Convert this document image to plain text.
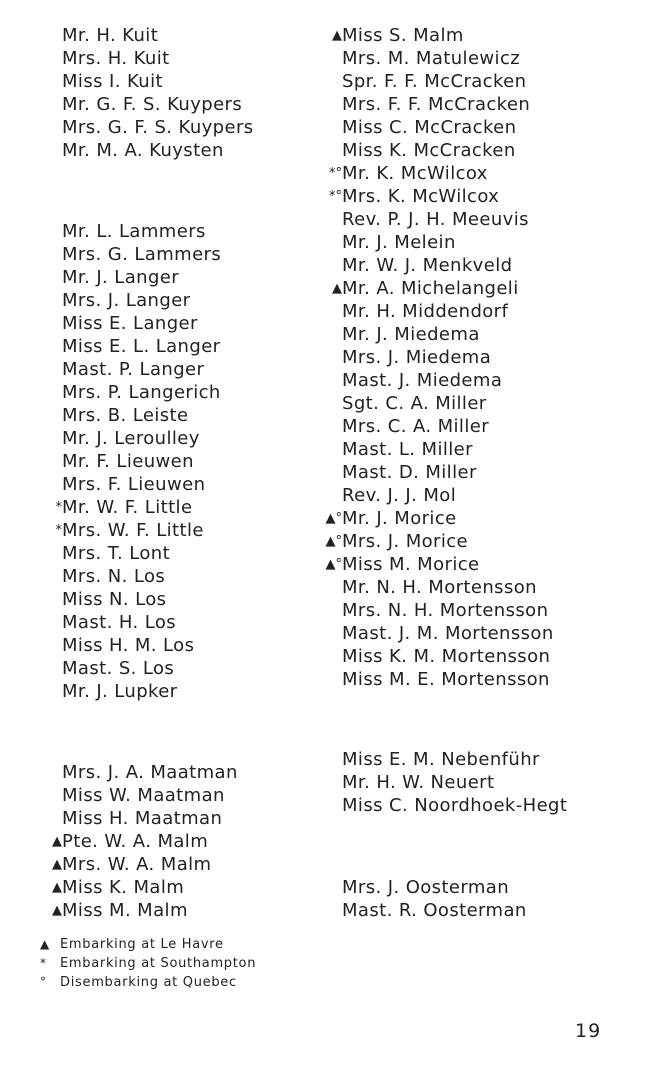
Mr. H. Kuit
Mrs. H. Kuit
Miss I. Kuit
Mr. G. F. S. Kuypers
Mrs. G. F. S. Kuypers
Mr. M. A. Kuysten
Mr. L. Lammers
Mrs. G. Lammers
Mr. J. Langer
Mrs. J. Langer
Miss E. Langer
Miss E. L. Langer
Mast. P. Langer
Mrs. P. Langerich
Mrs. B. Leiste
Mr. J. Leroulley
Mr. F. Lieuwen
Mrs. F. Lieuwen
* Mr. W. F. Little
* Mrs. W. F. Little
Mrs. T. Lont
Mrs. N. Los
Miss N. Los
Mast. H. Los
Miss H. M. Los
Mast. S. Los
Mr. J. Lupker
Mrs. J. A. Maatman
Miss W. Maatman
Miss H. Maatman
▲ Pte. W. A. Malm
▲ Mrs. W. A. Malm
▲ Miss K. Malm
▲ Miss M. Malm
▲ Miss S. Malm
Mrs. M. Matulewicz
Spr. F. F. McCracken
Mrs. F. F. McCracken
Miss C. McCracken
Miss K. McCracken
*° Mr. K. McWilcox
*° Mrs. K. McWilcox
Rev. P. J. H. Meeuvis
Mr. J. Melein
Mr. W. J. Menkveld
▲ Mr. A. Michelangeli
Mr. H. Middendorf
Mr. J. Miedema
Mrs. J. Miedema
Mast. J. Miedema
Sgt. C. A. Miller
Mrs. C. A. Miller
Mast. L. Miller
Mast. D. Miller
Rev. J. J. Mol
▲° Mr. J. Morice
▲° Mrs. J. Morice
▲° Miss M. Morice
Mr. N. H. Mortensson
Mrs. N. H. Mortensson
Mast. J. M. Mortensson
Miss K. M. Mortensson
Miss M. E. Mortensson
Miss E. M. Nebenführ
Mr. H. W. Neuert
Miss C. Noordhoek-Hegt
Mrs. J. Oosterman
Mast. R. Oosterman
▲ Embarking at Le Havre
* Embarking at Southampton
° Disembarking at Quebec
19
